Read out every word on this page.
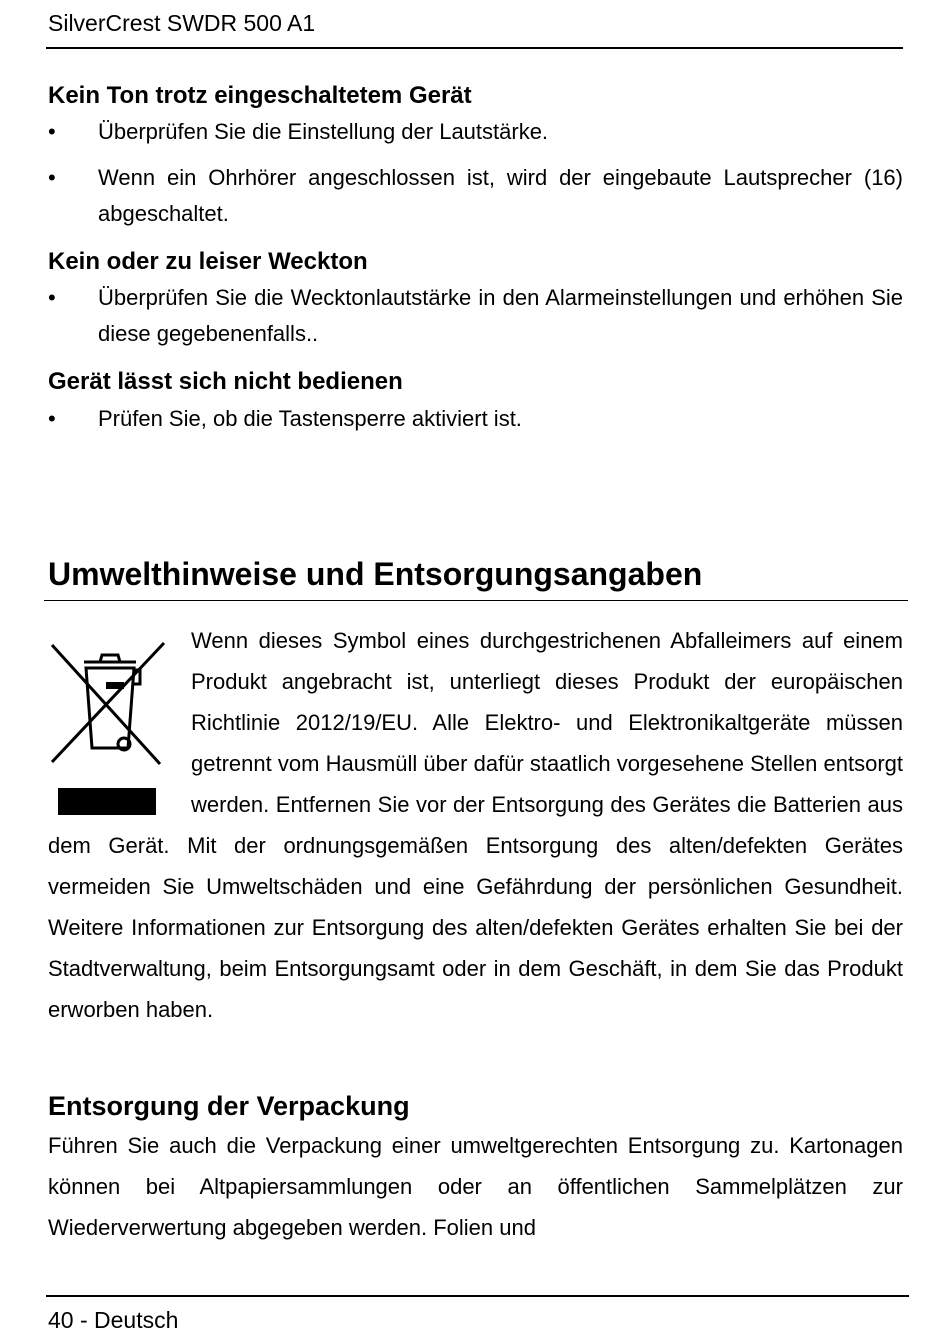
SilverCrest SWDR 500 A1
Kein Ton trotz eingeschaltetem Gerät
• Überprüfen Sie die Einstellung der Lautstärke.
• Wenn ein Ohrhörer angeschlossen ist, wird der eingebaute Lautsprecher (16) abgeschaltet.
Kein oder zu leiser Weckton
• Überprüfen Sie die Wecktonlautstärke in den Alarmeinstellungen und erhöhen Sie diese gegebenenfalls..
Gerät lässt sich nicht bedienen
• Prüfen Sie, ob die Tastensperre aktiviert ist.
Umwelthinweise und Entsorgungsangaben
Wenn dieses Symbol eines durchgestrichenen Abfalleimers auf einem Produkt angebracht ist, unterliegt dieses Produkt der europäischen Richtlinie 2012/19/EU. Alle Elektro- und Elektronikaltgeräte müssen getrennt vom Hausmüll über dafür staatlich vorgesehene Stellen entsorgt werden. Entfernen Sie vor der Entsorgung des Gerätes die Batterien aus dem Gerät. Mit der ordnungsgemäßen Entsorgung des alten/defekten Gerätes vermeiden Sie Umweltschäden und eine Gefährdung der persönlichen Gesundheit. Weitere Informationen zur Entsorgung des alten/defekten Gerätes erhalten Sie bei der Stadtverwaltung, beim Entsorgungsamt oder in dem Geschäft, in dem Sie das Produkt erworben haben.
Entsorgung der Verpackung
Führen Sie auch die Verpackung einer umweltgerechten Entsorgung zu. Kartonagen können bei Altpapiersammlungen oder an öffentlichen Sammelplätzen zur Wiederverwertung abgegeben werden. Folien und
40 - Deutsch
